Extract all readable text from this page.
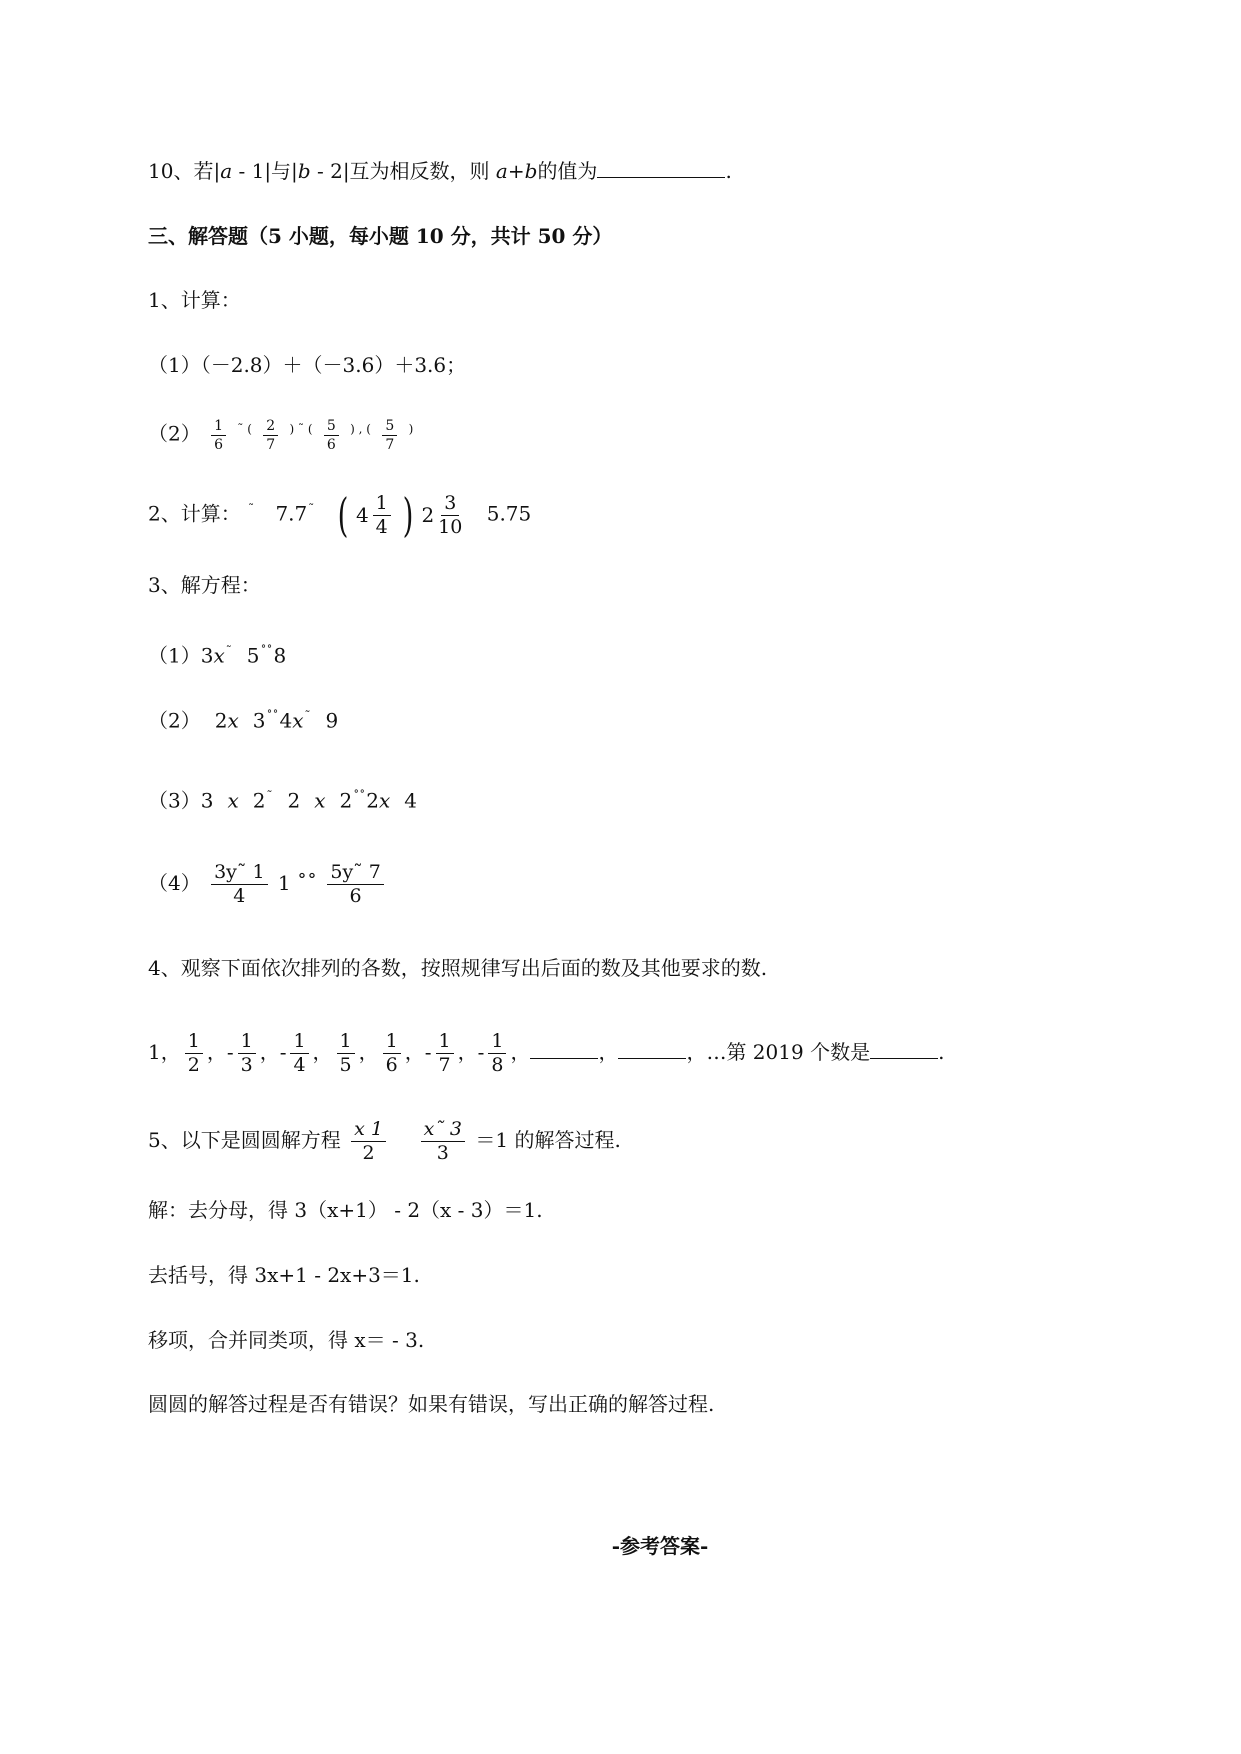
10、若|a - 1|与|b - 2|互为相反数，则 a+b的值为	.
三、解答题（5 小题，每小题 10 分，共计 50 分）
1、计算：
（1）（－2.8）＋（－3.6）＋3.6；
$(2) \frac{1}{6} ^{˜ (} \frac{2}{7} ^{) ˜ (} \frac{5}{6} ^{) , (} \frac{5}{7} ^)$
2、计算： ˜ 7.7˜ ( $4 \frac{1}{4}$ ) $2 \frac{3}{10} 5.75$
3、解方程：
（1）3x˜ 5˚˚8
（2） 2x 3˚˚4x˜ 9
（3）3 x 2˜ 2 x 2˚˚2x 4
$(4) \frac{3y˜ 1}{4} 1$ ˚˚ $\frac{5y˜ 7}{6}$
4、观察下面依次排列的各数，按照规律写出后面的数及其他要求的数.
1， $\frac{1}{2}$ ，- $\frac{1}{3}$ ，- $\frac{1}{4}$ ， $\frac{1}{5}$ ， $\frac{1}{6}$ ，- $\frac{1}{7}$ ，- $\frac{1}{8}$ ，	，	，…第 2019 个数是	.
5、以下是圆圆解方程 $\frac{x 1}{2}$
$\frac{x˜ 3}{3} =1$ 的解答过程.
解：去分母，得 3（x+1） - 2（x - 3）＝1.
去括号，得 3x+1 - 2x+3＝1.
移项，合并同类项，得 x＝ - 3.
圆圆的解答过程是否有错误？如果有错误，写出正确的解答过程.
-参考答案-
